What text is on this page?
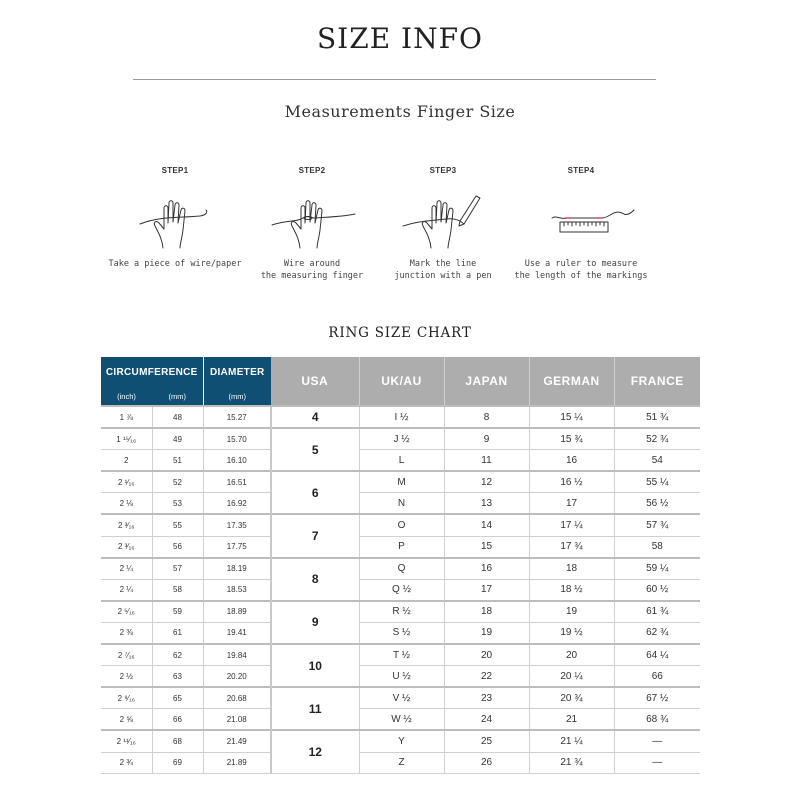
SIZE INFO
Measurements Finger Size
STEP1
Take a piece of wire/paper
STEP2
Wire around
the measuring finger
STEP3
Mark the line
junction with a pen
STEP4
Use a ruler to measure
the length of the markings
RING SIZE CHART
CIRCUMFERENCE		DIAMETER	USA	UK/AU	JAPAN	GERMAN	FRANCE
(inch)	(mm)	(mm)					
1 ⅞	48	15.27	4	I ½	8	15 ¼	51 ¾
1 ¹⁵⁄₁₆	49	15.70	5	J ½	9	15 ¾	52 ¾
2	51	16.10		L	11	16	54
2 ¹⁄₁₆	52	16.51	6	M	12	16 ½	55 ¼
2 ⅛	53	16.92		N	13	17	56 ½
2 ³⁄₁₆	55	17.35	7	O	14	17 ¼	57 ¾
2 ³⁄₁₆	56	17.75		P	15	17 ¾	58
2 ¼	57	18.19	8	Q	16	18	59 ¼
2 ¼	58	18.53		Q ½	17	18 ½	60 ½
2 ⁵⁄₁₆	59	18.89	9	R ½	18	19	61 ¾
2 ⅜	61	19.41		S ½	19	19 ½	62 ¾
2 ⁷⁄₁₆	62	19.84	10	T ½	20	20	64 ¼
2 ½	63	20.20		U ½	22	20 ¼	66
2 ⁹⁄₁₆	65	20.68	11	V ½	23	20 ¾	67 ½
2 ⅝	66	21.08		W ½	24	21	68 ¾
2 ¹¹⁄₁₆	68	21.49	12	Y	25	21 ¼	—
2 ¾	69	21.89		Z	26	21 ¾	—
